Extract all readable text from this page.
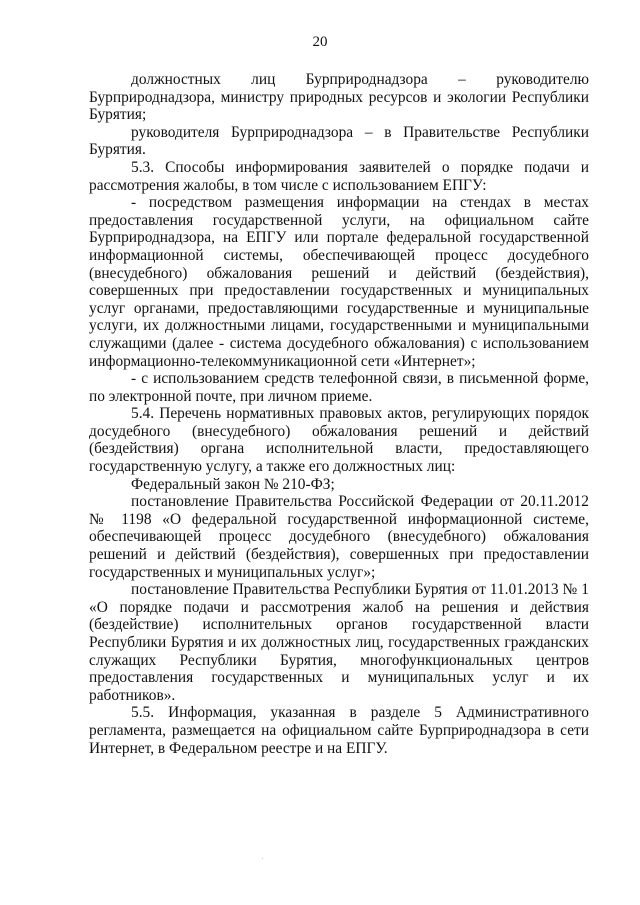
20

должностных лиц Бурприроднадзора – руководителю Бурприроднадзора, министру природных ресурсов и экологии Республики Бурятия;

руководителя Бурприроднадзора – в Правительстве Республики Бурятия.

5.3. Способы информирования заявителей о порядке подачи и рассмотрения жалобы, в том числе с использованием ЕПГУ:

- посредством размещения информации на стендах в местах предоставления государственной услуги, на официальном сайте Бурприроднадзора, на ЕПГУ или портале федеральной государственной информационной системы, обеспечивающей процесс досудебного (внесудебного) обжалования решений и действий (бездействия), совершенных при предоставлении государственных и муниципальных услуг органами, предоставляющими государственные и муниципальные услуги, их должностными лицами, государственными и муниципальными служащими (далее - система досудебного обжалования) с использованием информационно-телекоммуникационной сети «Интернет»;

- с использованием средств телефонной связи, в письменной форме, по электронной почте, при личном приеме.

5.4. Перечень нормативных правовых актов, регулирующих порядок досудебного (внесудебного) обжалования решений и действий (бездействия) органа исполнительной власти, предоставляющего государственную услугу, а также его должностных лиц:

Федеральный закон № 210-ФЗ;

постановление Правительства Российской Федерации от 20.11.2012 № 1198 «О федеральной государственной информационной системе, обеспечивающей процесс досудебного (внесудебного) обжалования решений и действий (бездействия), совершенных при предоставлении государственных и муниципальных услуг»;

постановление Правительства Республики Бурятия от 11.01.2013 № 1 «О порядке подачи и рассмотрения жалоб на решения и действия (бездействие) исполнительных органов государственной власти Республики Бурятия и их должностных лиц, государственных гражданских служащих Республики Бурятия, многофункциональных центров предоставления государственных и муниципальных услуг и их работников».

5.5. Информация, указанная в разделе 5 Административного регламента, размещается на официальном сайте Бурприроднадзора в сети Интернет, в Федеральном реестре и на ЕПГУ.
